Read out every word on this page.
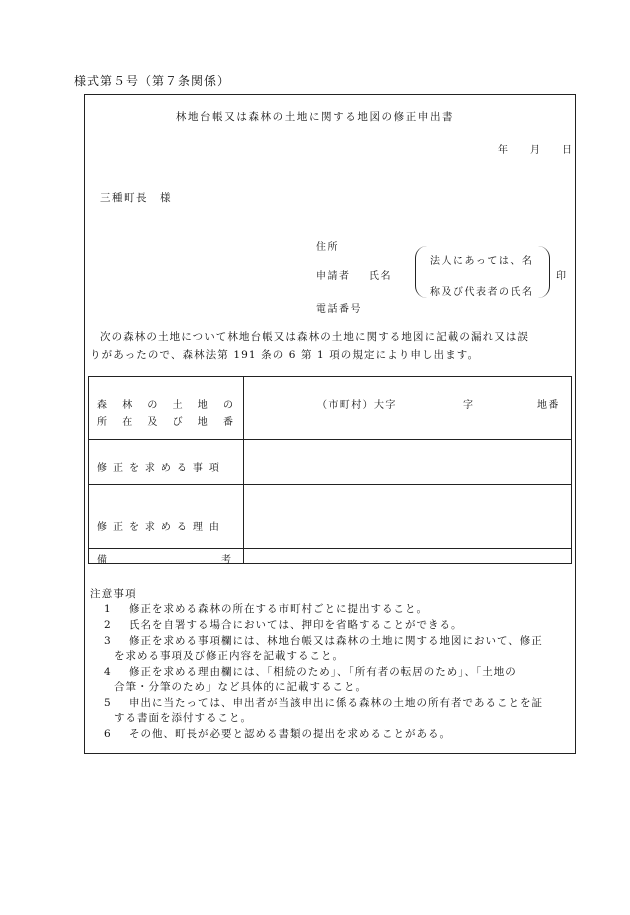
様式第５号（第７条関係）
林地台帳又は森林の土地に関する地図の修正申出書
年 月 日
三種町長　様
住所
申請者 氏名
電話番号
法人にあっては、名
称及び代表者の氏名
印
次の森林の土地について林地台帳又は森林の土地に関する地図に記載の漏れ又は誤
りがあったので、森林法第 191 条の 6 第 1 項の規定により申し出ます。
森 林 の 土 地 の
所 在 及 び 地 番
（市町村）大字	字	地番
修 正 を 求 め る 事 項
修 正 を 求 め る 理 由
備	考
注意事項
1 修正を求める森林の所在する市町村ごとに提出すること。
2 氏名を自署する場合においては、押印を省略することができる。
3 修正を求める事項欄には、林地台帳又は森林の土地に関する地図において、修正
を求める事項及び修正内容を記載すること。
4 修正を求める理由欄には、「相続のため」、「所有者の転居のため」、「土地の
合筆・分筆のため」など具体的に記載すること。
5 申出に当たっては、申出者が当該申出に係る森林の土地の所有者であることを証
する書面を添付すること。
6 その他、町長が必要と認める書類の提出を求めることがある。
